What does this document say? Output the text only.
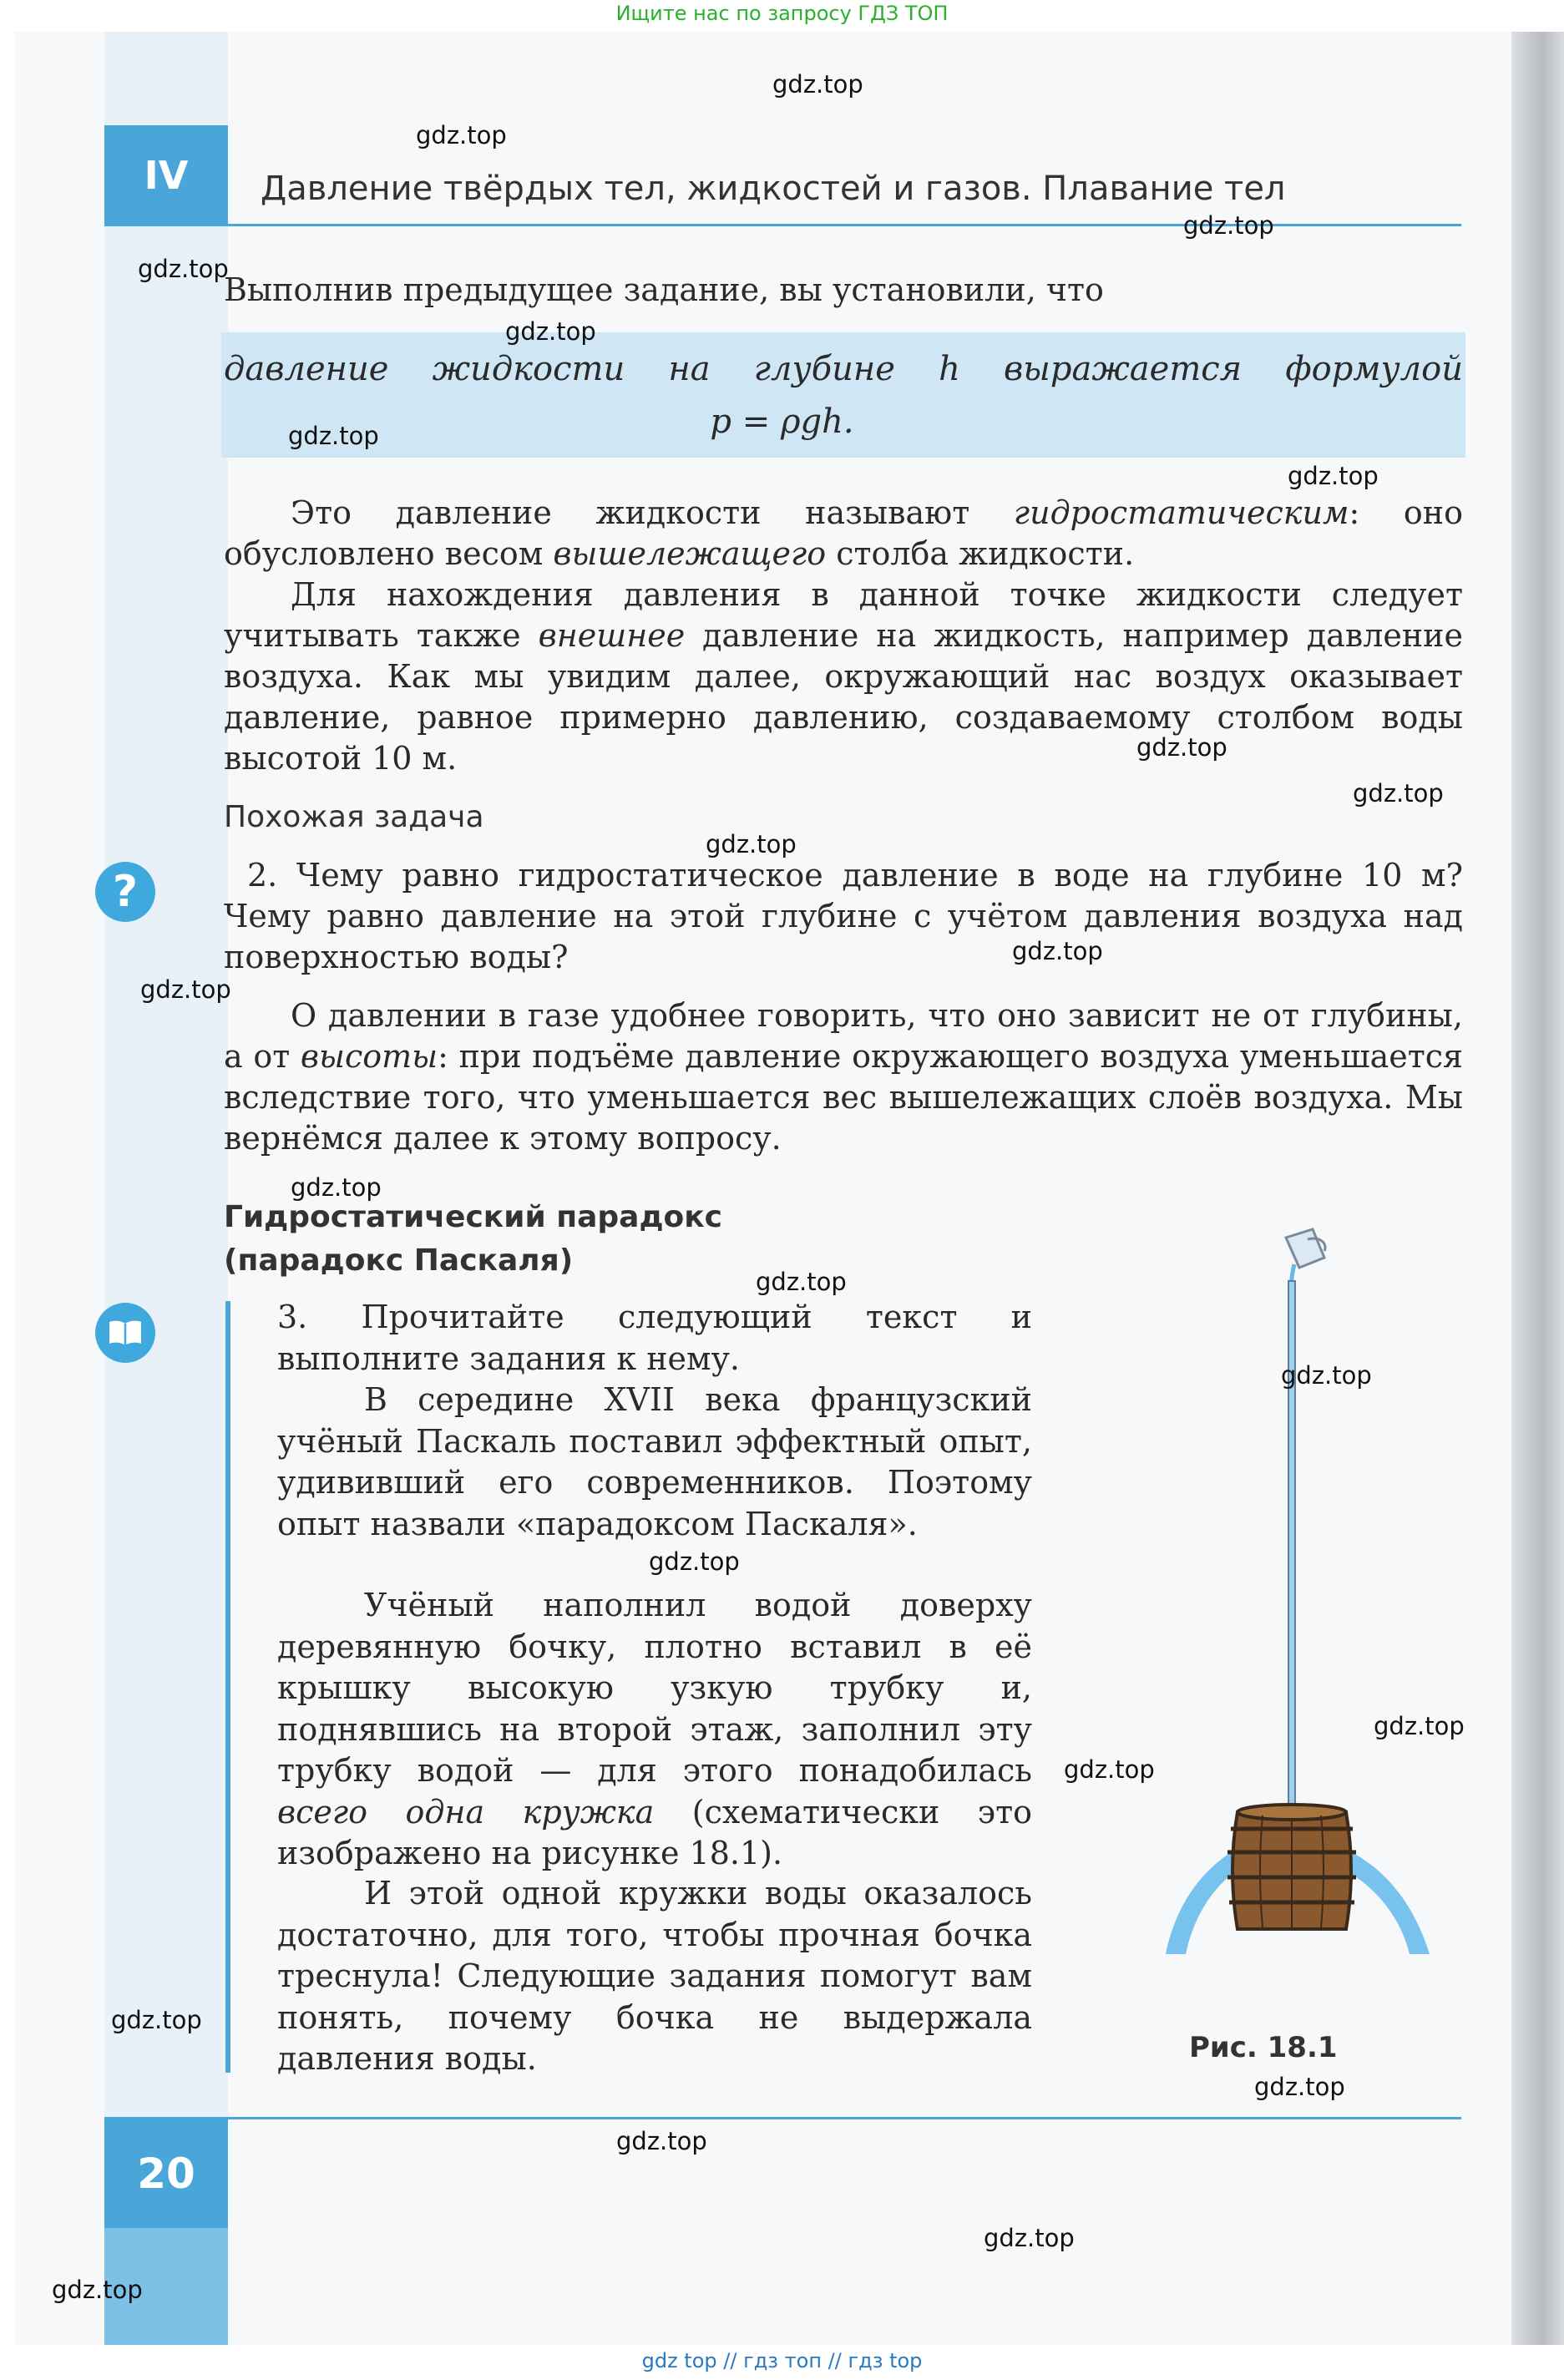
Ищите нас по запросу ГДЗ ТОП
IV	Давление твёрдых тел, жидкостей и газов. Плавание тел
Выполнив предыдущее задание, вы установили, что
давление жидкости на глубине h выражается формулой
p = ρgh.
Это давление жидкости называют гидростатическим: оно обусловлено весом вышележащего столба жидкости.
Для нахождения давления в данной точке жидкости следует учитывать также внешнее давление на жидкость, например давление воздуха. Как мы увидим далее, окружающий нас воздух оказывает давление, равное примерно давлению, создаваемому столбом воды высотой 10 м.
Похожая задача
?	2. Чему равно гидростатическое давление в воде на глубине 10 м? Чему равно давление на этой глубине с учётом давления воздуха над поверхностью воды?
О давлении в газе удобнее говорить, что оно зависит не от глубины, а от высоты: при подъёме давление окружающего воздуха уменьшается вследствие того, что уменьшается вес вышележащих слоёв воздуха. Мы вернёмся далее к этому вопросу.
Гидростатический парадокс
(парадокс Паскаля)
3. Прочитайте следующий текст и выполните задания к нему.
В середине XVII века французский учёный Паскаль поставил эффектный опыт, удививший его современников. Поэтому опыт назвали «парадоксом Паскаля».
Учёный наполнил водой доверху деревянную бочку, плотно вставил в её крышку высокую узкую трубку и, поднявшись на второй этаж, заполнил эту трубку водой — для этого понадобилась всего одна кружка (схематически это изображено на рисунке 18.1).
И этой одной кружки воды оказалось достаточно, для того, чтобы прочная бочка треснула! Следующие задания помогут вам понять, почему бочка не выдержала давления воды.	Рис. 18.1
20
gdz.top
gdz.top
gdz.top
gdz.top
gdz.top
gdz.top
gdz.top
gdz.top
gdz.top
gdz.top
gdz.top
gdz.top
gdz.top
gdz.top
gdz.top
gdz.top
gdz.top
gdz.top
gdz.top
gdz.top
gdz.top
gdz.top
gdz.top
gdz top // гдз топ // гдз top
